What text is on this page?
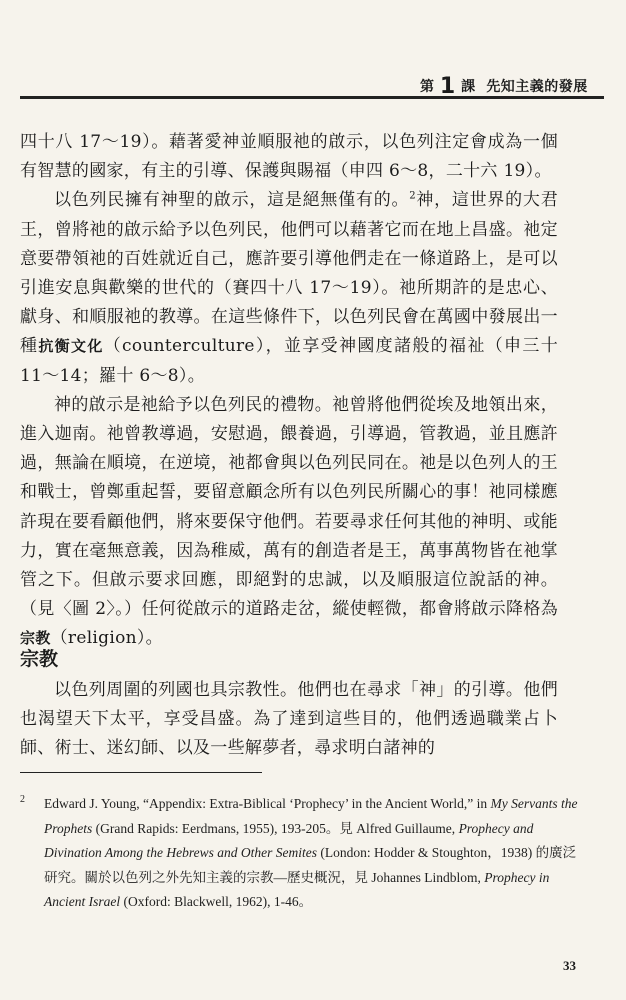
第 1 課 先知主義的發展

四十八 17～19）。藉著愛神並順服祂的啟示，以色列注定會成為一個有智慧的國家，有主的引導、保護與賜福（申四 6～8，二十六 19）。

以色列民擁有神聖的啟示，這是絕無僅有的。$^2$神，這世界的大君王，曾將祂的啟示給予以色列民，他們可以藉著它而在地上昌盛。祂定意要帶領祂的百姓就近自己，應許要引導他們走在一條道路上，是可以引進安息與歡樂的世代的（賽四十八 17～19）。祂所期許的是忠心、獻身、和順服祂的教導。在這些條件下，以色列民會在萬國中發展出一種抗衡文化（counterculture），並享受神國度諸般的福祉（申三十 11～14；羅十 6～8）。

神的啟示是祂給予以色列民的禮物。祂曾將他們從埃及地領出來，進入迦南。祂曾教導過，安慰過，餵養過，引導過，管教過，並且應許過，無論在順境，在逆境，祂都會與以色列民同在。祂是以色列人的王和戰士，曾鄭重起誓，要留意顧念所有以色列民所關心的事！祂同樣應許現在要看顧他們，將來要保守他們。若要尋求任何其他的神明、或能力，實在毫無意義，因為稚威，萬有的創造者是王，萬事萬物皆在祂掌管之下。但啟示要求回應，即絕對的忠誠，以及順服這位說話的神。（見〈圖 2〉。）任何從啟示的道路走岔，縱使輕微，都會將啟示降格為宗教（religion）。

宗教

以色列周圍的列國也具宗教性。他們也在尋求「神」的引導。他們也渴望天下太平，享受昌盛。為了達到這些目的，他們透過職業占卜師、術士、迷幻師、以及一些解夢者，尋求明白諸神的

2 Edward J. Young, “Appendix: Extra-Biblical ‘Prophecy’ in the Ancient World,” in My Servants the Prophets (Grand Rapids: Eerdmans, 1955), 193-205。見 Alfred Guillaume, Prophecy and Divination Among the Hebrews and Other Semites (London: Hodder & Stoughton，1938) 的廣泛研究。關於以色列之外先知主義的宗教—歷史概況，見 Johannes Lindblom, Prophecy in Ancient Israel (Oxford: Blackwell, 1962), 1-46。
33
